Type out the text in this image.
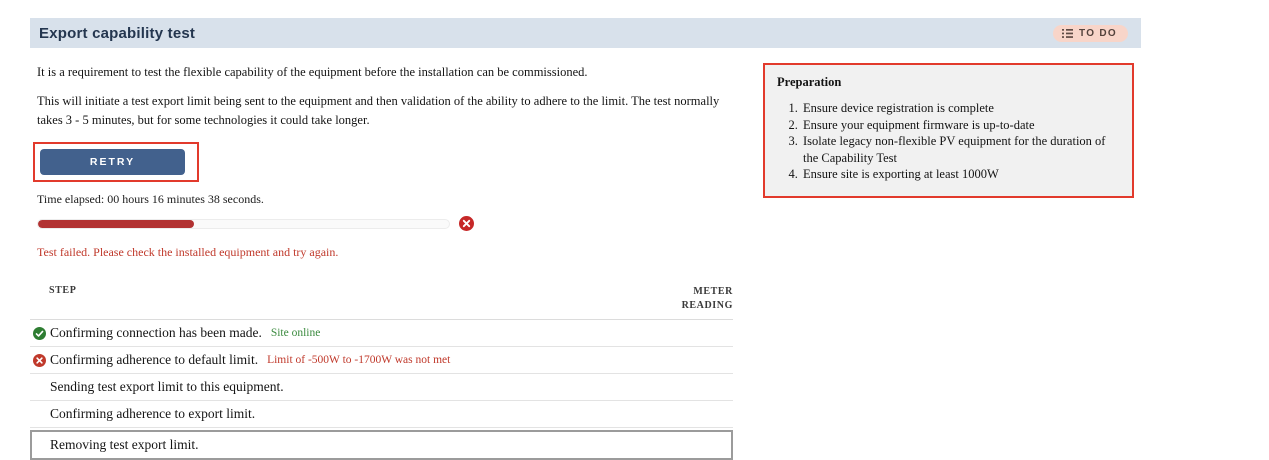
Export capability test	TO DO

It is a requirement to test the flexible capability of the equipment before the installation can be commissioned.

This will initiate a test export limit being sent to the equipment and then validation of the ability to adhere to the limit. The test normally takes 3 - 5 minutes, but for some technologies it could take longer.

RETRY
Time elapsed: 00 hours 16 minutes 38 seconds.
Test failed. Please check the installed equipment and try again.
STEP	METER READING
Confirming connection has been made. Site online
Confirming adherence to default limit. Limit of -500W to -1700W was not met
Sending test export limit to this equipment.
Confirming adherence to export limit.
Removing test export limit.
Preparation
1. Ensure device registration is complete
2. Ensure your equipment firmware is up-to-date
3. Isolate legacy non-flexible PV equipment for the duration of the Capability Test
4. Ensure site is exporting at least 1000W
